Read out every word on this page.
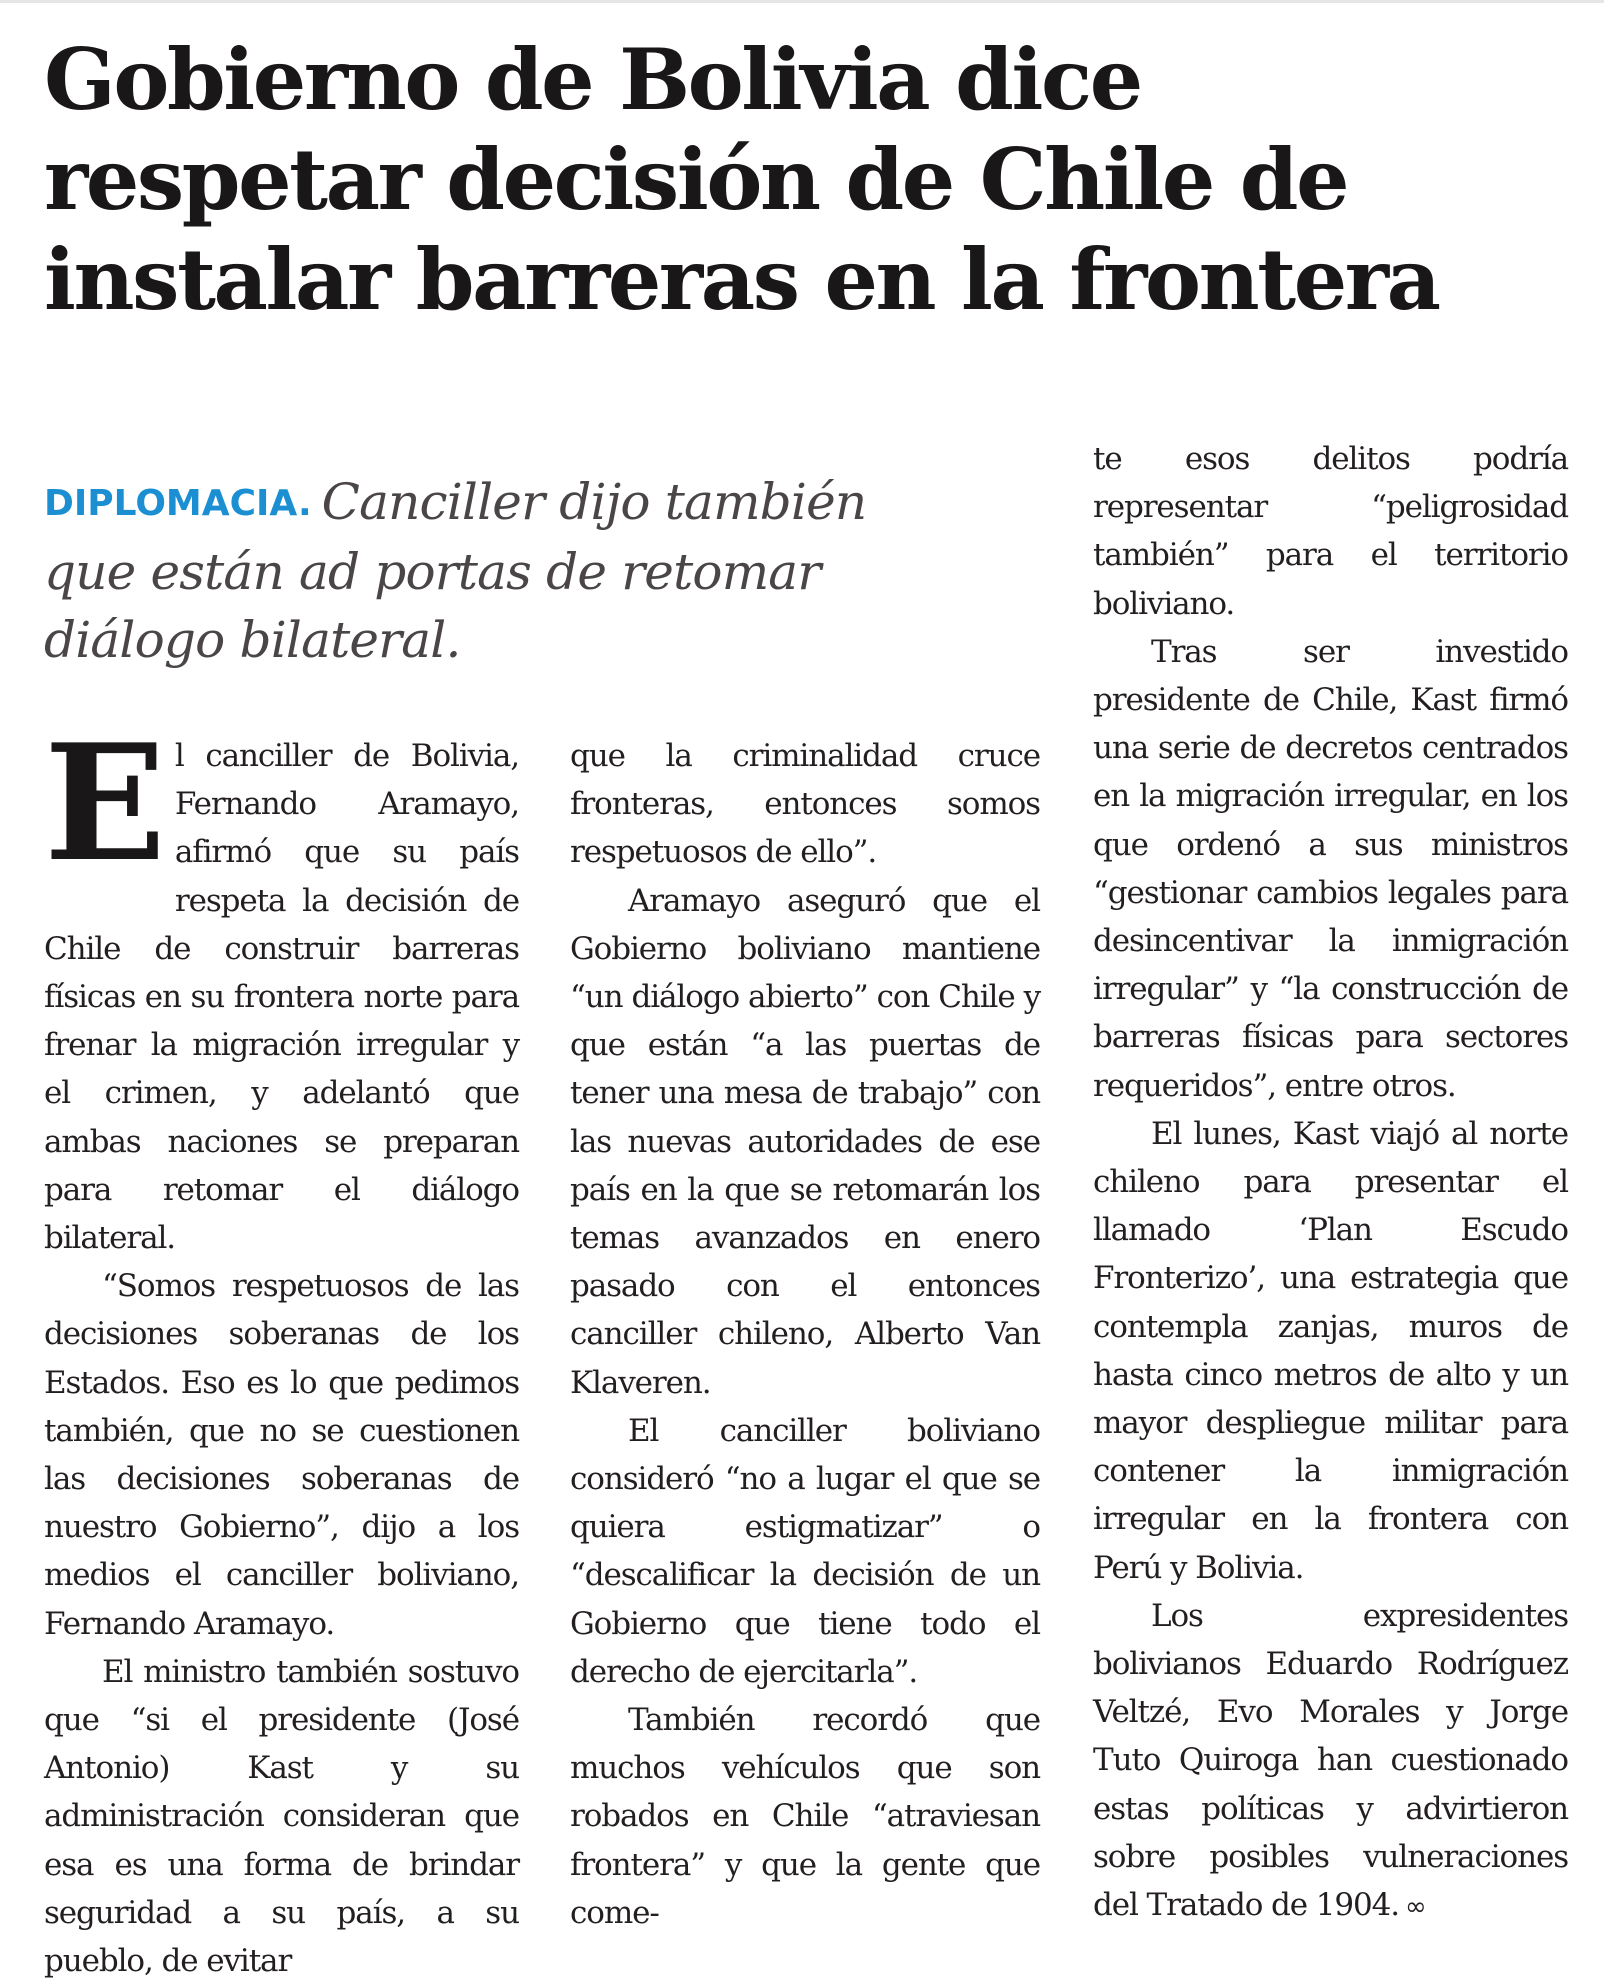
Gobierno de Bolivia dice
respetar decisión de Chile de
instalar barreras en la frontera
DIPLOMACIA. Canciller dijo también
que están ad portas de retomar
diálogo bilateral.

El canciller de Bolivia, Fernando Aramayo, afirmó que su país respeta la decisión de Chile de construir barreras físicas en su frontera norte para frenar la migración irregular y el crimen, y adelantó que ambas naciones se preparan para retomar el diálogo bilateral.

“Somos respetuosos de las decisiones soberanas de los Estados. Eso es lo que pedimos también, que no se cuestionen las decisiones soberanas de nuestro Gobierno”, dijo a los medios el canciller boliviano, Fernando Aramayo.

El ministro también sostuvo que “si el presidente (José Antonio) Kast y su administración consideran que esa es una forma de brindar seguridad a su país, a su pueblo, de evitar

que la criminalidad cruce fronteras, entonces somos respetuosos de ello”.

Aramayo aseguró que el Gobierno boliviano mantiene “un diálogo abierto” con Chile y que están “a las puertas de tener una mesa de trabajo” con las nuevas autoridades de ese país en la que se retomarán los temas avanzados en enero pasado con el entonces canciller chileno, Alberto Van Klaveren.

El canciller boliviano consideró “no a lugar el que se quiera estigmatizar” o “descalificar la decisión de un Gobierno que tiene todo el derecho de ejercitarla”.

También recordó que muchos vehículos que son robados en Chile “atraviesan frontera” y que la gente que come-

te esos delitos podría representar “peligrosidad también” para el territorio boliviano.

Tras ser investido presidente de Chile, Kast firmó una serie de decretos centrados en la migración irregular, en los que ordenó a sus ministros “gestionar cambios legales para desincentivar la inmigración irregular” y “la construcción de barreras físicas para sectores requeridos”, entre otros.

El lunes, Kast viajó al norte chileno para presentar el llamado ‘Plan Escudo Fronterizo’, una estrategia que contempla zanjas, muros de hasta cinco metros de alto y un mayor despliegue militar para contener la inmigración irregular en la frontera con Perú y Bolivia.

Los expresidentes bolivianos Eduardo Rodríguez Veltzé, Evo Morales y Jorge Tuto Quiroga han cuestionado estas políticas y advirtieron sobre posibles vulneraciones del Tratado de 1904. ∞
